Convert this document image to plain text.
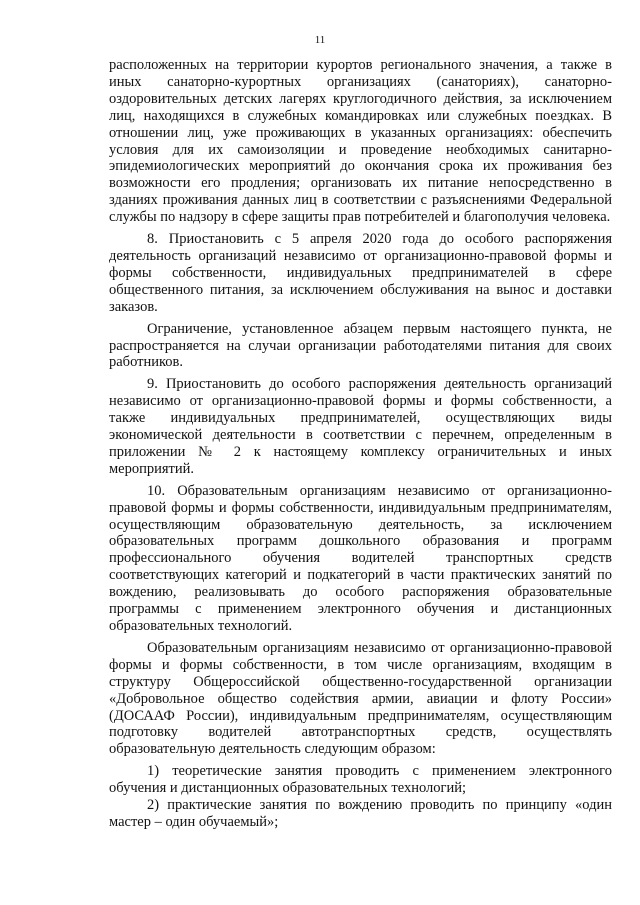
11

расположенных на территории курортов регионального значения, а также в иных санаторно-курортных организациях (санаториях), санаторно-оздоровительных детских лагерях круглогодичного действия, за исключением лиц, находящихся в служебных командировках или служебных поездках. В отношении лиц, уже проживающих в указанных организациях: обеспечить условия для их самоизоляции и проведение необходимых санитарно-эпидемиологических мероприятий до окончания срока их проживания без возможности его продления; организовать их питание непосредственно в зданиях проживания данных лиц в соответствии с разъяснениями Федеральной службы по надзору в сфере защиты прав потребителей и благополучия человека.

8. Приостановить с 5 апреля 2020 года до особого распоряжения деятельность организаций независимо от организационно-правовой формы и формы собственности, индивидуальных предпринимателей в сфере общественного питания, за исключением обслуживания на вынос и доставки заказов.

Ограничение, установленное абзацем первым настоящего пункта, не распространяется на случаи организации работодателями питания для своих работников.

9. Приостановить до особого распоряжения деятельность организаций независимо от организационно-правовой формы и формы собственности, а также индивидуальных предпринимателей, осуществляющих виды экономической деятельности в соответствии с перечнем, определенным в приложении № 2 к настоящему комплексу ограничительных и иных мероприятий.

10. Образовательным организациям независимо от организационно-правовой формы и формы собственности, индивидуальным предпринимателям, осуществляющим образовательную деятельность, за исключением образовательных программ дошкольного образования и программ профессионального обучения водителей транспортных средств соответствующих категорий и подкатегорий в части практических занятий по вождению, реализовывать до особого распоряжения образовательные программы с применением электронного обучения и дистанционных образовательных технологий.

Образовательным организациям независимо от организационно-правовой формы и формы собственности, в том числе организациям, входящим в структуру Общероссийской общественно-государственной организации «Добровольное общество содействия армии, авиации и флоту России» (ДОСААФ России), индивидуальным предпринимателям, осуществляющим подготовку водителей автотранспортных средств, осуществлять образовательную деятельность следующим образом:

1) теоретические занятия проводить с применением электронного обучения и дистанционных образовательных технологий;

2) практические занятия по вождению проводить по принципу «один мастер – один обучаемый»;
